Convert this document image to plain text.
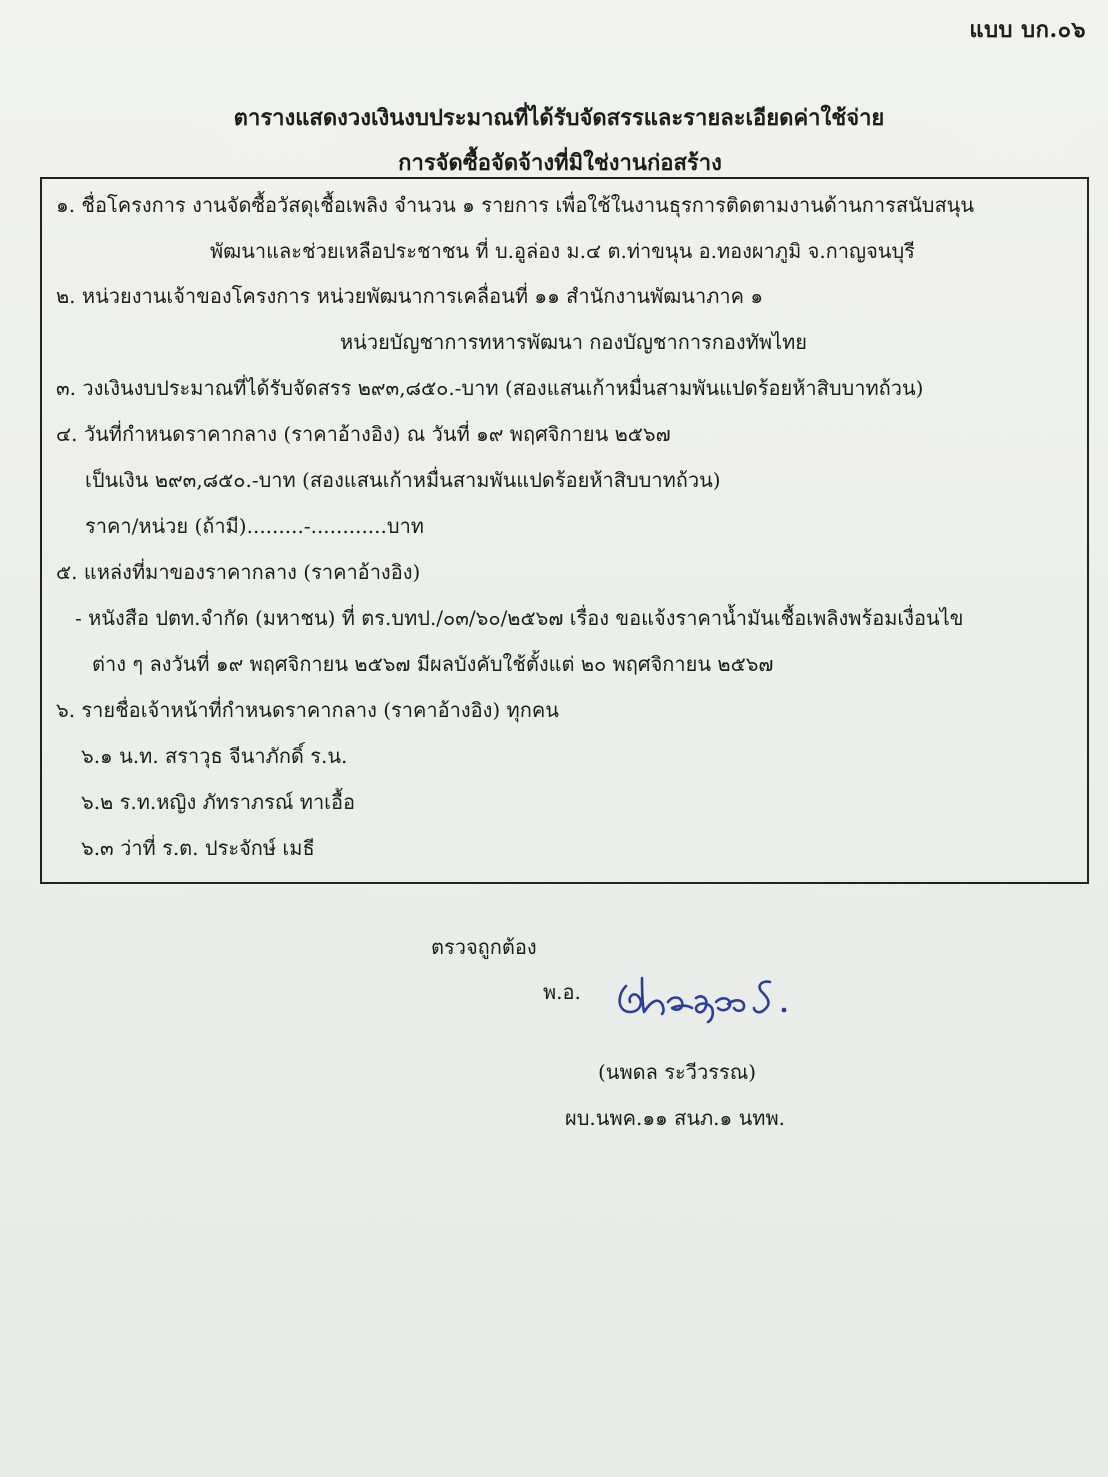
แบบ บก.๐๖
ตารางแสดงวงเงินงบประมาณที่ได้รับจัดสรรและรายละเอียดค่าใช้จ่าย
การจัดซื้อจัดจ้างที่มิใช่งานก่อสร้าง
๑. ชื่อโครงการ งานจัดซื้อวัสดุเชื้อเพลิง จำนวน ๑ รายการ เพื่อใช้ในงานธุรการติดตามงานด้านการสนับสนุน
พัฒนาและช่วยเหลือประชาชน ที่ บ.อูล่อง ม.๔ ต.ท่าขนุน อ.ทองผาภูมิ จ.กาญจนบุรี
๒. หน่วยงานเจ้าของโครงการ หน่วยพัฒนาการเคลื่อนที่ ๑๑ สำนักงานพัฒนาภาค ๑
หน่วยบัญชาการทหารพัฒนา กองบัญชาการกองทัพไทย
๓. วงเงินงบประมาณที่ได้รับจัดสรร ๒๙๓,๘๕๐.-บาท (สองแสนเก้าหมื่นสามพันแปดร้อยห้าสิบบาทถ้วน)
๔. วันที่กำหนดราคากลาง (ราคาอ้างอิง) ณ วันที่ ๑๙ พฤศจิกายน ๒๕๖๗
เป็นเงิน ๒๙๓,๘๕๐.-บาท (สองแสนเก้าหมื่นสามพันแปดร้อยห้าสิบบาทถ้วน)
ราคา/หน่วย (ถ้ามี).........-............บาท
๕. แหล่งที่มาของราคากลาง (ราคาอ้างอิง)
- หนังสือ ปตท.จำกัด (มหาชน) ที่ ตร.บทป./๐๓/๖๐/๒๕๖๗ เรื่อง ขอแจ้งราคาน้ำมันเชื้อเพลิงพร้อมเงื่อนไข
ต่าง ๆ ลงวันที่ ๑๙ พฤศจิกายน ๒๕๖๗ มีผลบังคับใช้ตั้งแต่ ๒๐ พฤศจิกายน ๒๕๖๗
๖. รายชื่อเจ้าหน้าที่กำหนดราคากลาง (ราคาอ้างอิง) ทุกคน
๖.๑ น.ท. สราวุธ จีนาภักดิ์ ร.น.
๖.๒ ร.ท.หญิง ภัทราภรณ์ ทาเอื้อ
๖.๓ ว่าที่ ร.ต. ประจักษ์ เมธี
ตรวจถูกต้อง
พ.อ.
(นพดล ระวีวรรณ)
ผบ.นพค.๑๑ สนภ.๑ นทพ.
